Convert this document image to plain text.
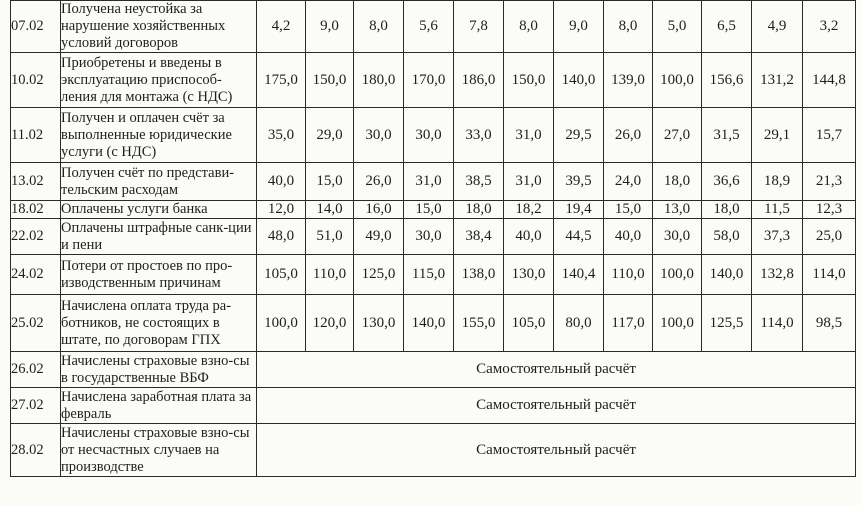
07.02	Получена неустойка за нарушение хозяйственных условий договоров	4,2	9,0	8,0	5,6	7,8	8,0	9,0	8,0	5,0	6,5	4,9	3,2
10.02	Приобретены и введены в эксплуатацию приспособ-ления для монтажа (с НДС)	175,0	150,0	180,0	170,0	186,0	150,0	140,0	139,0	100,0	156,6	131,2	144,8
11.02	Получен и оплачен счёт за выполненные юридические услуги (с НДС)	35,0	29,0	30,0	30,0	33,0	31,0	29,5	26,0	27,0	31,5	29,1	15,7
13.02	Получен счёт по представи-тельским расходам	40,0	15,0	26,0	31,0	38,5	31,0	39,5	24,0	18,0	36,6	18,9	21,3
18.02	Оплачены услуги банка	12,0	14,0	16,0	15,0	18,0	18,2	19,4	15,0	13,0	18,0	11,5	12,3
22.02	Оплачены штрафные санк-ции и пени	48,0	51,0	49,0	30,0	38,4	40,0	44,5	40,0	30,0	58,0	37,3	25,0
24.02	Потери от простоев по про-изводственным причинам	105,0	110,0	125,0	115,0	138,0	130,0	140,4	110,0	100,0	140,0	132,8	114,0
25.02	Начислена оплата труда ра-ботников, не состоящих в штате, по договорам ГПХ	100,0	120,0	130,0	140,0	155,0	105,0	80,0	117,0	100,0	125,5	114,0	98,5
26.02	Начислены страховые взно-сы в государственные ВБФ	Самостоятельный расчёт											
27.02	Начислена заработная плата за февраль	Самостоятельный расчёт											
28.02	Начислены страховые взно-сы от несчастных случаев на производстве	Самостоятельный расчёт											
